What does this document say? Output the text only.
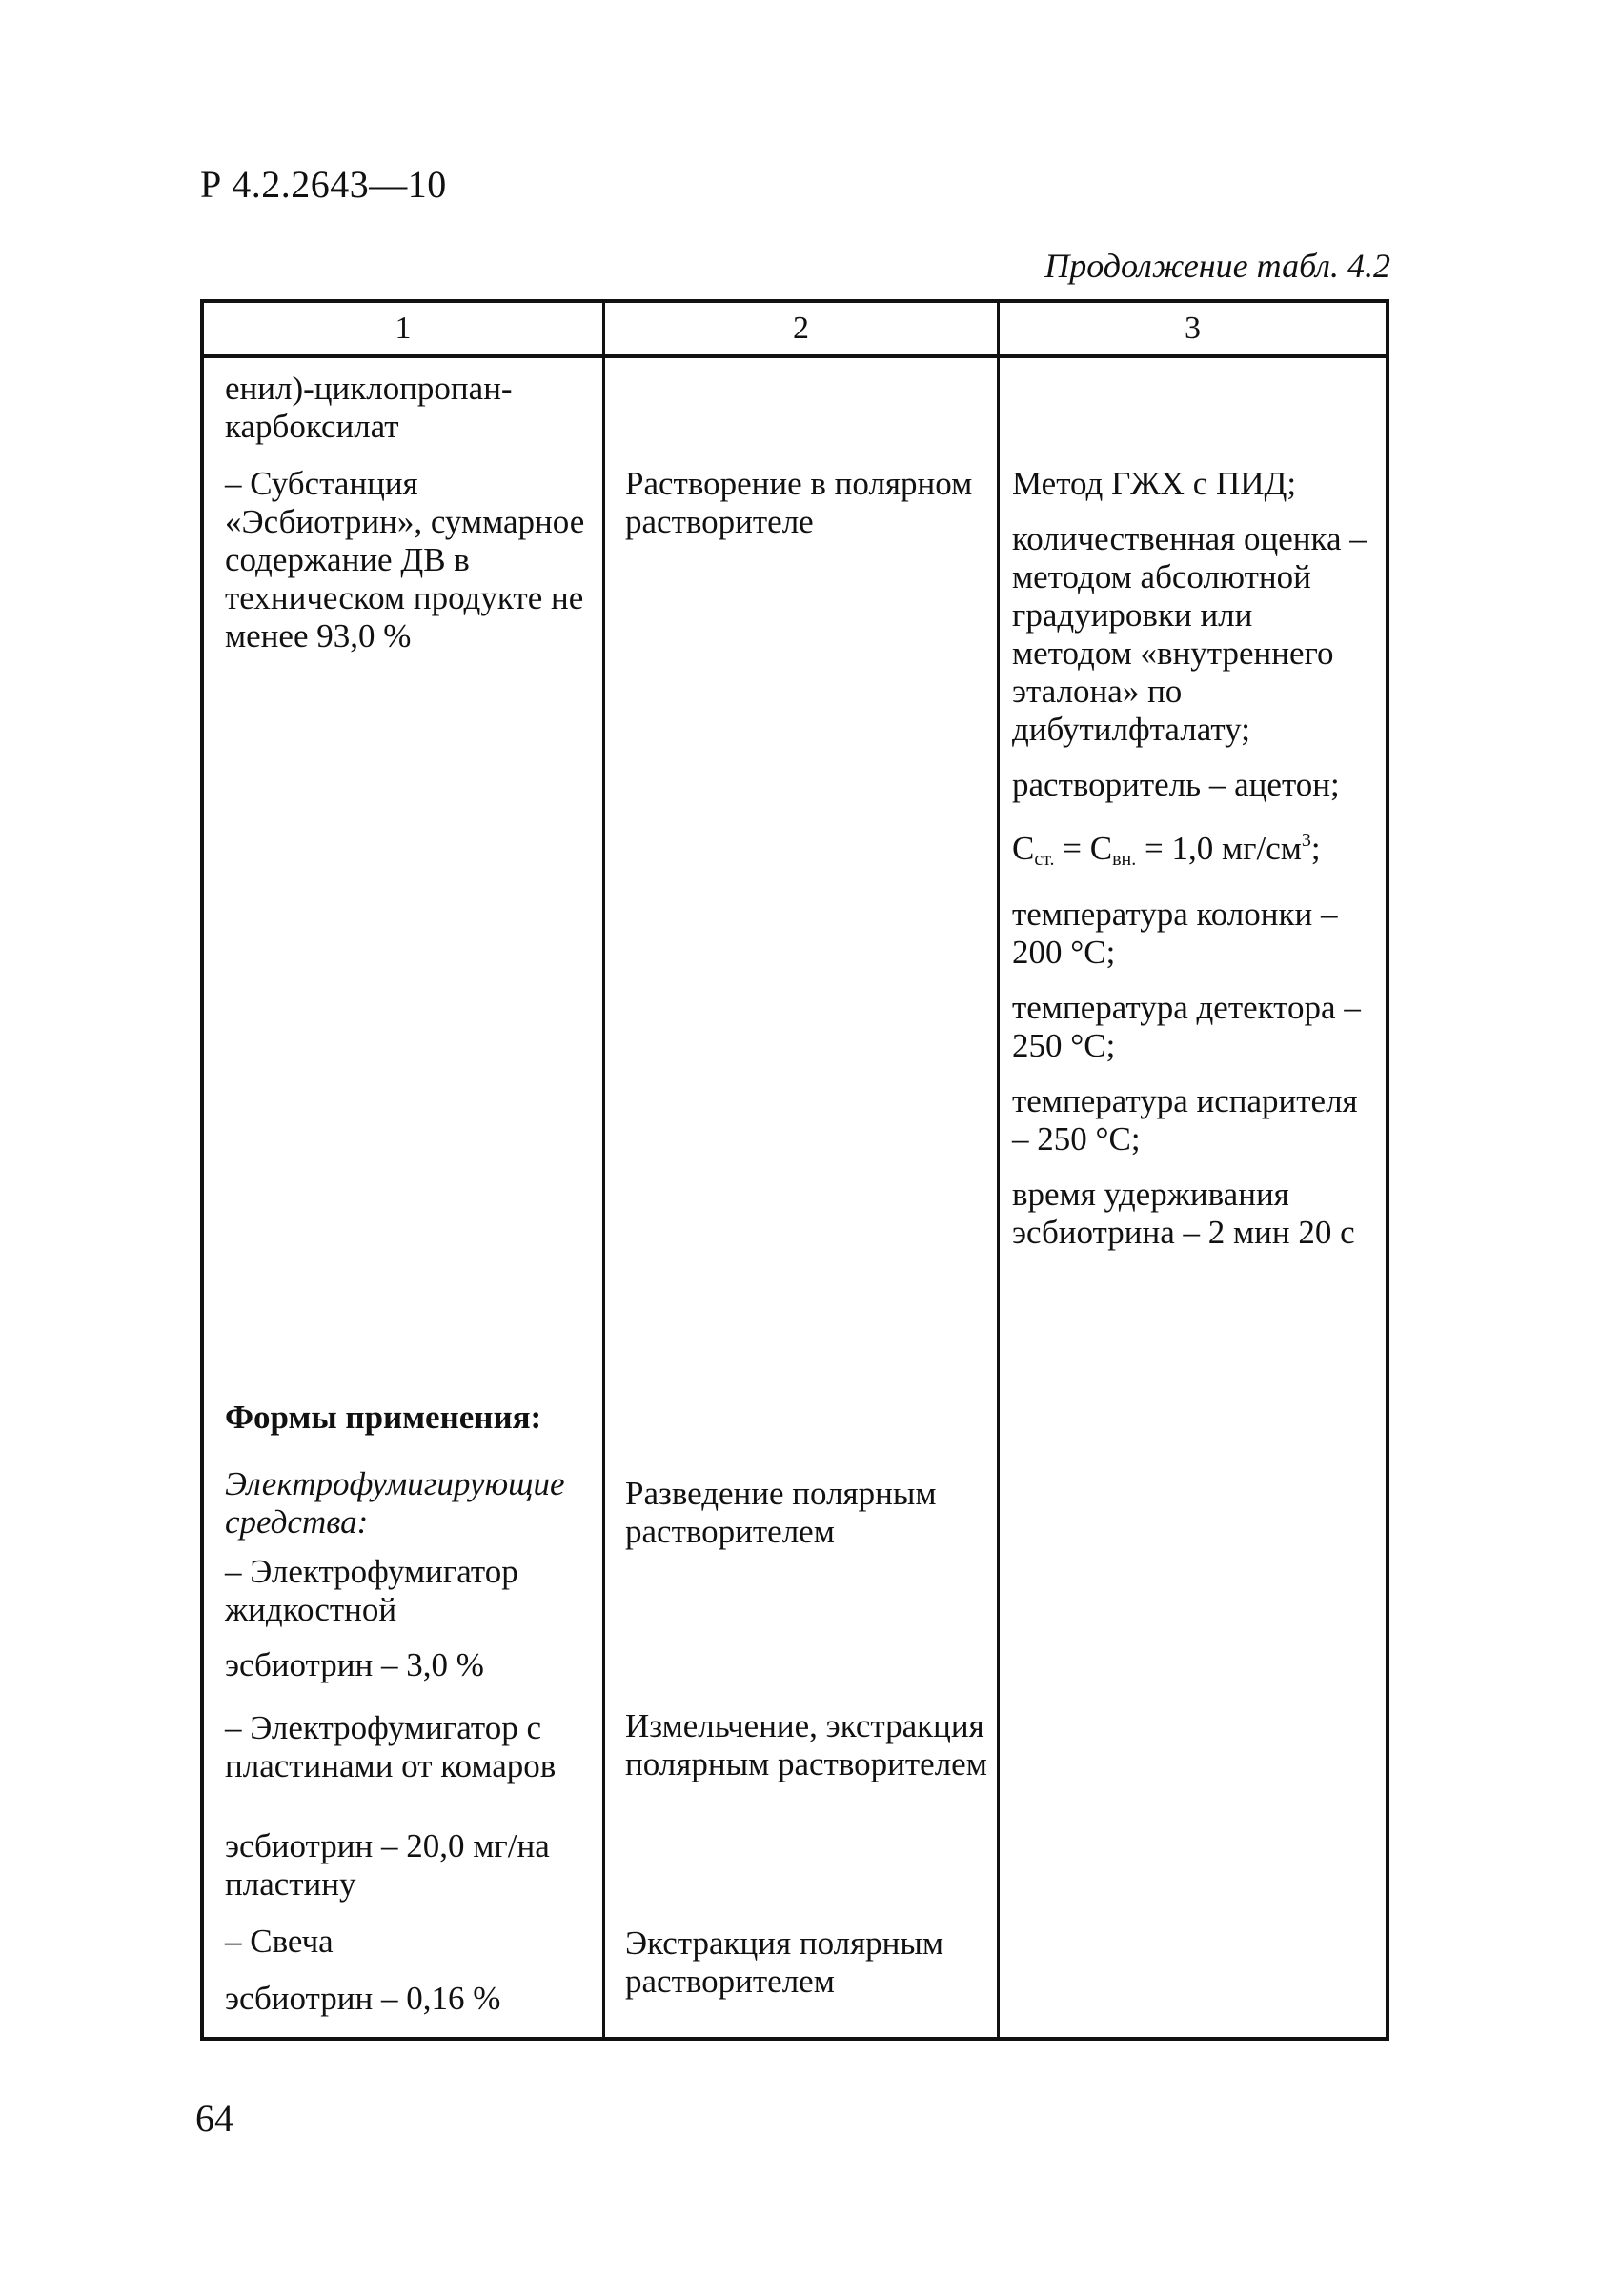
Р 4.2.2643—10
Продолжение табл. 4.2
1	2	3
енил)-циклопропан-карбоксилат
– Субстанция «Эсбиотрин», суммарное содержание ДВ в техническом продукте не менее 93,0 %
Формы применения:
Электрофумигирующие средства:
– Электрофумигатор жидкостной
эсбиотрин – 3,0 %
– Электрофумигатор с пластинами от комаров
эсбиотрин – 20,0 мг/на пластину
– Свеча
эсбиотрин – 0,16 %
Растворение в полярном растворителе
Разведение полярным растворителем
Измельчение, экстракция полярным растворителем
Экстракция полярным растворителем

Метод ГЖХ с ПИД;

количественная оценка – методом абсолютной градуировки или методом «внутреннего эталона» по дибутилфталату;

растворитель – ацетон;

$С_{ст.} = С_{вн.} = 1,0$ $мг/см^3$;

температура колонки – 200 °С;

температура детектора – 250 °С;

температура испарителя – 250 °С;

время удерживания эсбиотрина – 2 мин 20 с

64
